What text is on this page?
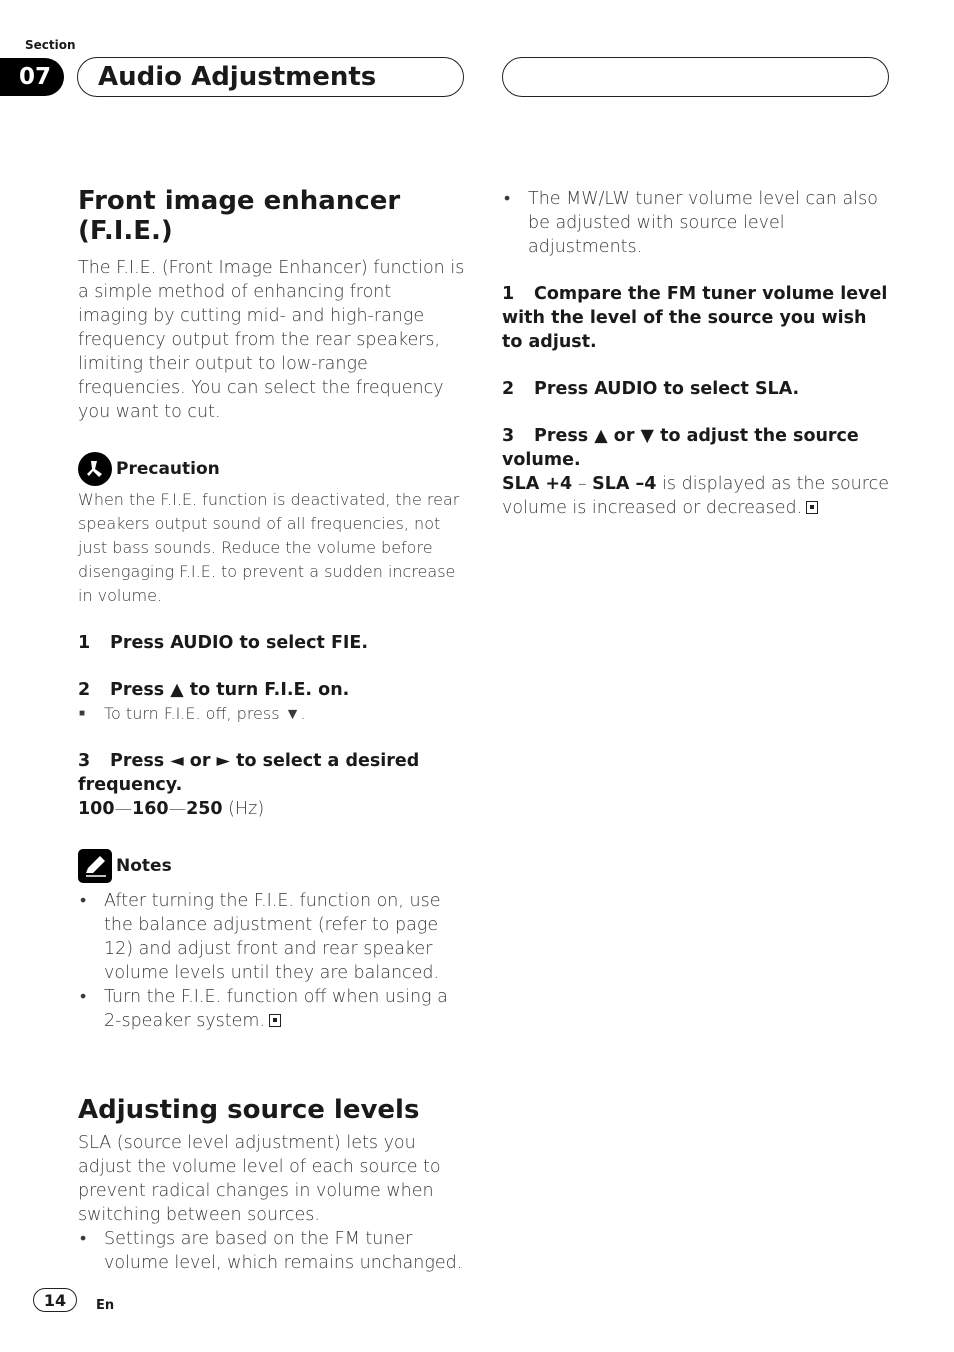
Section
07	Audio Adjustments
Front image enhancer (F.I.E.)

The F.I.E. (Front Image Enhancer) function is a simple method of enhancing front imaging by cutting mid- and high-range frequency output from the rear speakers, limiting their output to low-range frequencies. You can select the frequency you want to cut.

Precaution

When the F.I.E. function is deactivated, the rear speakers output sound of all frequencies, not just bass sounds. Reduce the volume before disengaging F.I.E. to prevent a sudden increase in volume.

1 Press AUDIO to select FIE.
2 Press ▲ to turn F.I.E. on.
■ To turn F.I.E. off, press ▼.
3 Press ◄ or ► to select a desired frequency.
100—160—250 (Hz)
Notes
• After turning the F.I.E. function on, use the balance adjustment (refer to page 12) and adjust front and rear speaker volume levels until they are balanced.
• Turn the F.I.E. function off when using a 2-speaker system.
Adjusting source levels

SLA (source level adjustment) lets you adjust the volume level of each source to prevent radical changes in volume when switching between sources.

• Settings are based on the FM tuner volume level, which remains unchanged.
• The MW/LW tuner volume level can also be adjusted with source level adjustments.
1 Compare the FM tuner volume level with the level of the source you wish to adjust.
2 Press AUDIO to select SLA.
3 Press ▲ or ▼ to adjust the source volume.
SLA +4 – SLA –4 is displayed as the source volume is increased or decreased.
14	En
